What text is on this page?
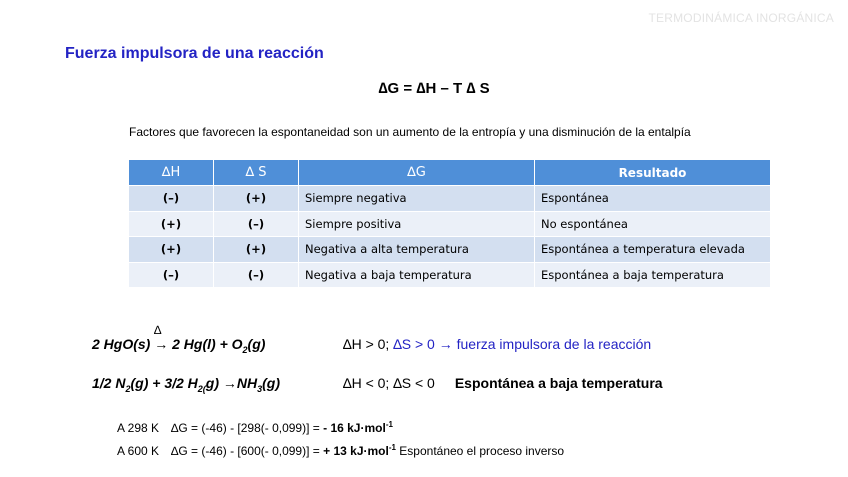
TERMODINÁMICA INORGÁNICA
Fuerza impulsora de una reacción
∆G = ∆H – T ∆ S
Factores que favorecen la espontaneidad son un aumento de la entropía y una disminución de la entalpía
∆H	∆ S	∆G	Resultado
(–)	(+)	Siempre negativa	Espontánea
(+)	(–)	Siempre positiva	No espontánea
(+)	(+)	Negativa a alta temperatura	Espontánea a temperatura elevada
(–)	(–)	Negativa a baja temperatura	Espontánea a baja temperatura
2 HgO(s) →
∆
2 $Hg(l) + O_2(g)$	∆H > 0; ∆S > 0 → fuerza impulsora de la reacción
1/2 $N_2(g) + 3/2$ $H_{2(}g) \to NH_3(g)$	∆H < 0; ∆S < 0 Espontánea a baja temperatura
A 298 K ∆G = (-46) - [298(- 0,099)] = - 16 kJ·mol$^{-1}$
A 600 K ∆G = (-46) - [600(- 0,099)] = + 13 kJ·mol$^{-1}$ Espontáneo el proceso inverso
